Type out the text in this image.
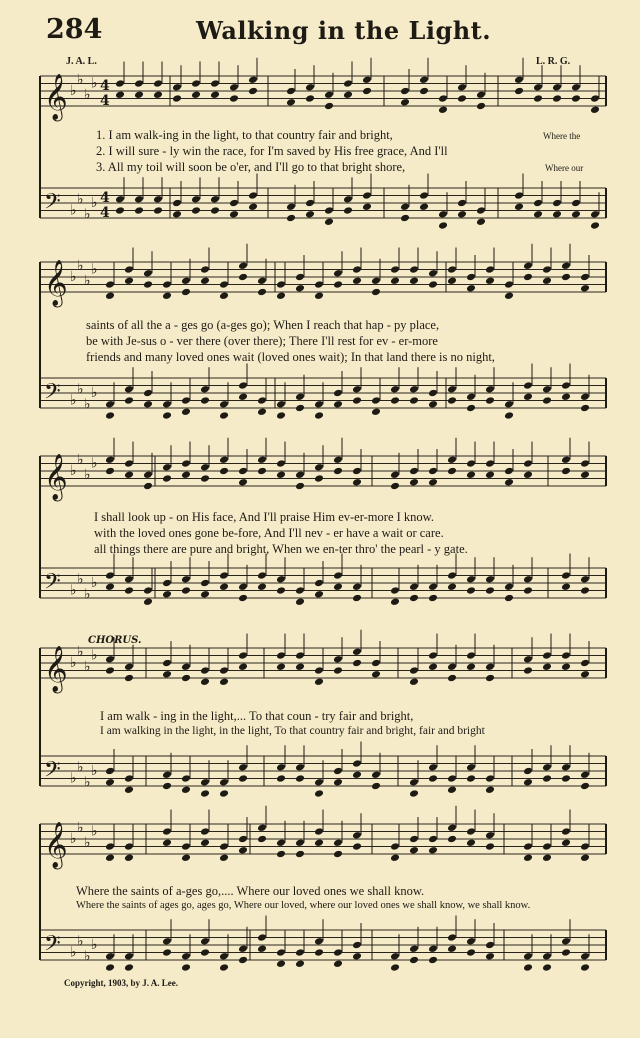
284	Walking in the Light.
J. A. L.	L. R. G.
𝄞 ♭
♭
♭
♭ 4
4
𝄢 ♭
♭
♭
♭ 4
4
𝄞 ♭
♭
♭
♭
𝄢 ♭
♭
♭
♭
𝄞 ♭
♭
♭
♭
𝄢 ♭
♭
♭
♭
𝄞 ♭
♭
♭
♭
𝄢 ♭
♭
♭
♭
𝄞 ♭
♭
♭
♭
𝄢 ♭
♭
♭
♭
1. I am walk-ing in the light, to that country fair and bright,
2. I will sure - ly win the race, for I'm saved by His free grace, And I'll
3. All my toil will soon be o'er, and I'll go to that bright shore,
Where the
Where our
saints of all the a - ges go (a-ges go); When I reach that hap - py place,
be with Je-sus o - ver there (over there); There I'll rest for ev - er-more
friends and many loved ones wait (loved ones wait); In that land there is no night,
I shall look up - on His face, And I'll praise Him ev-er-more I know.
with the loved ones gone be-fore, And I'll nev - er have a wait or care.
all things there are pure and bright, When we en-ter thro' the pearl - y gate.
CHORUS.
I am walk - ing in the light,... To that coun - try fair and bright,
I am walking in the light, in the light, To that country fair and bright, fair and bright
Where the saints of a-ges go,.... Where our loved ones we shall know.
Where the saints of ages go, ages go, Where our loved, where our loved ones we shall know, we shall know.
Copyright, 1903, by J. A. Lee.
